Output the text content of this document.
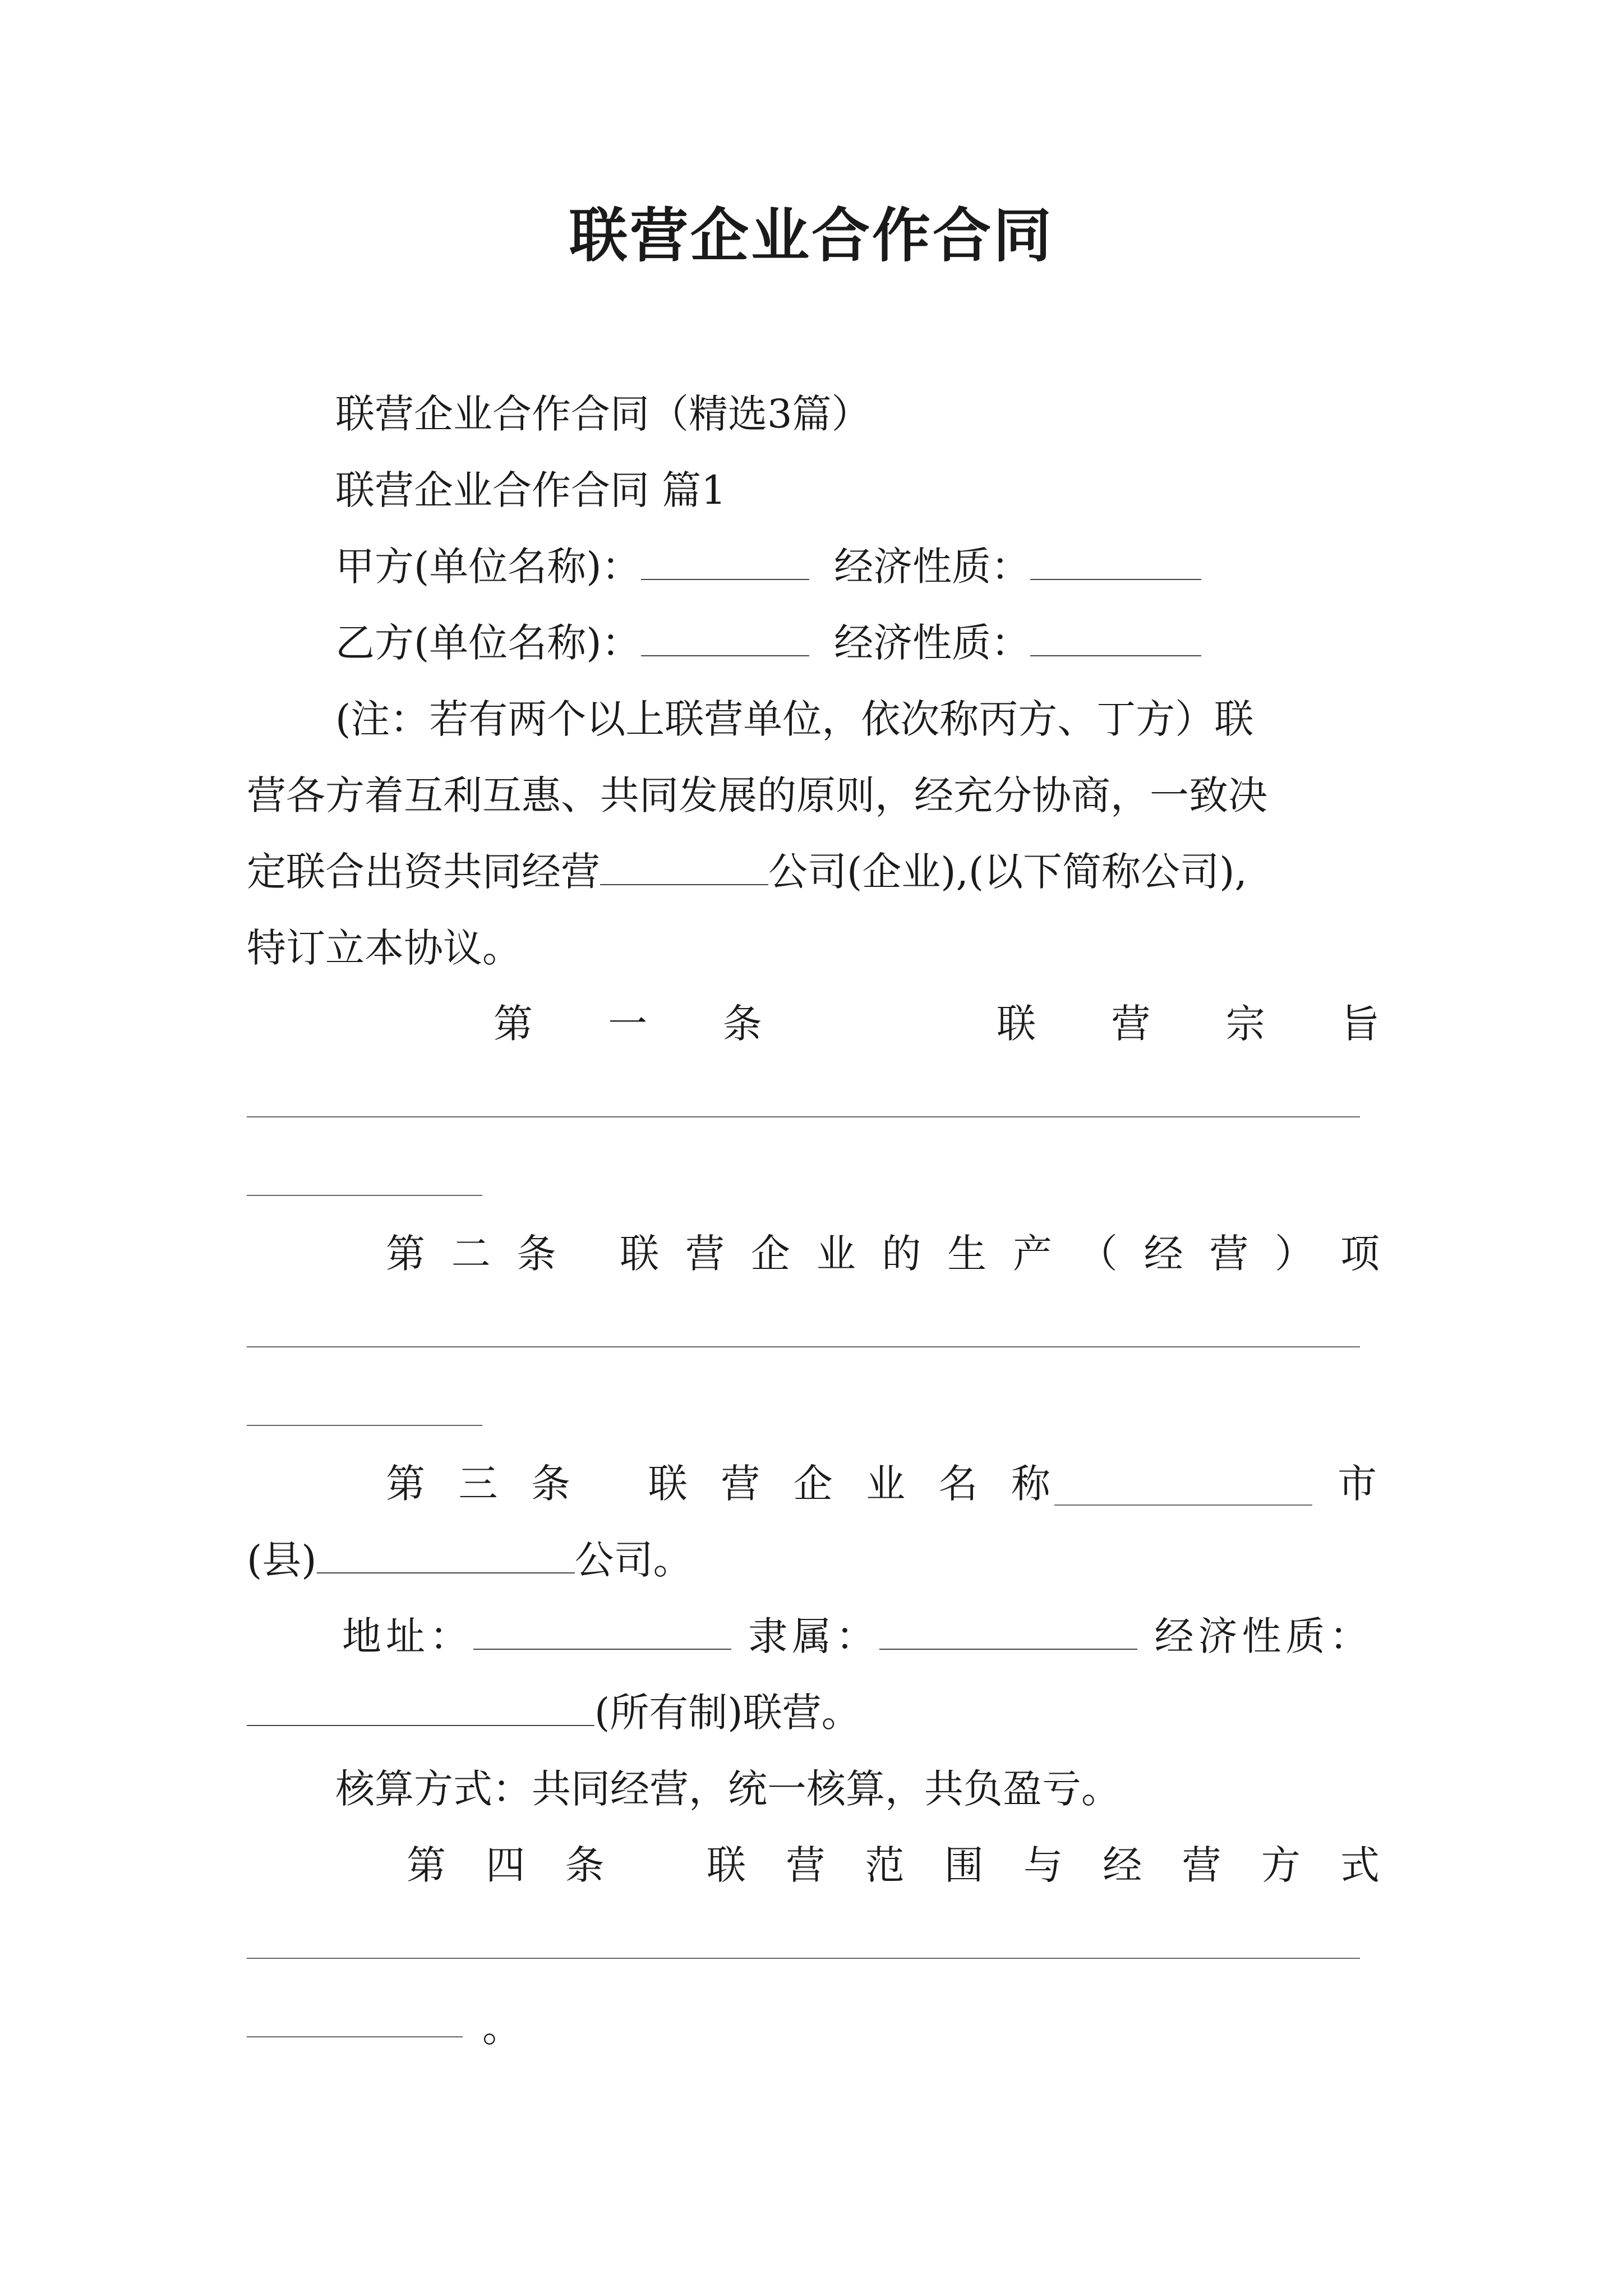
联营企业合作合同
联营企业合作合同（精选3篇）
联营企业合作合同 篇1
甲方(单位名称)：	经济性质：
乙方(单位名称)：	经济性质：
(注：若有两个以上联营单位，依次称丙方、丁方）联
营各方着互利互惠、共同发展的原则，经充分协商，一致决
定联合出资共同经营	公司(企业),(以下简称公司),
特订立本协议。
第 一 条	联 营 宗 旨
第 二 条 联 营 企 业 的 生 产 （ 经 营 ） 项
第 三 条 联 营 企 业 名 称	市
(县)	公司。
地址：	隶属：	经济性质：
(所有制)联营。
核算方式：共同经营，统一核算，共负盈亏。
第 四 条	联 营 范 围 与 经 营 方 式
。
